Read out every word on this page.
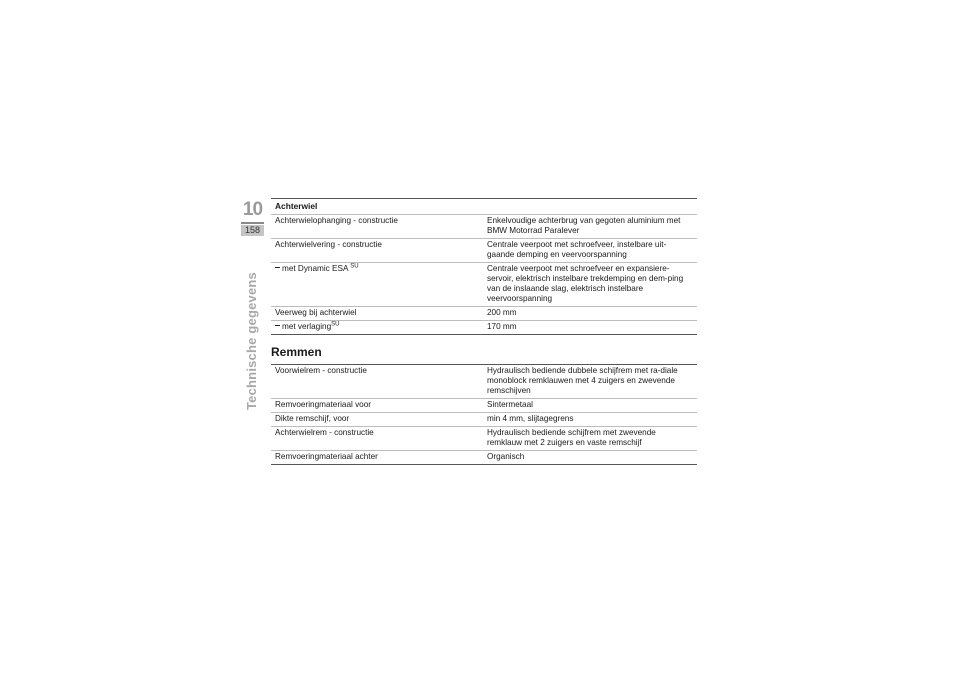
10
158
Technische gegevens
Achterwiel	
Achterwielophanging - constructie	Enkelvoudige achterbrug van gegoten aluminium met BMW Motorrad Paralever
Achterwielvering - constructie	Centrale veerpoot met schroefveer, instelbare uit-gaande demping en veervoorspanning
met Dynamic ESA $^{SU}$	Centrale veerpoot met schroefveer en expansiere-servoir, elektrisch instelbare trekdemping en dem-ping van de inslaande slag, elektrisch instelbare veervoorspanning
Veerweg bij achterwiel	200 mm
met verlaging$^{SU}$	170 mm
Remmen
Voorwielrem - constructie	Hydraulisch bediende dubbele schijfrem met ra-diale monoblock remklauwen met 4 zuigers en zwevende remschijven
Remvoeringmateriaal voor	Sintermetaal
Dikte remschijf, voor	min 4 mm, slijtagegrens
Achterwielrem - constructie	Hydraulisch bediende schijfrem met zwevende remklauw met 2 zuigers en vaste remschijf
Remvoeringmateriaal achter	Organisch
